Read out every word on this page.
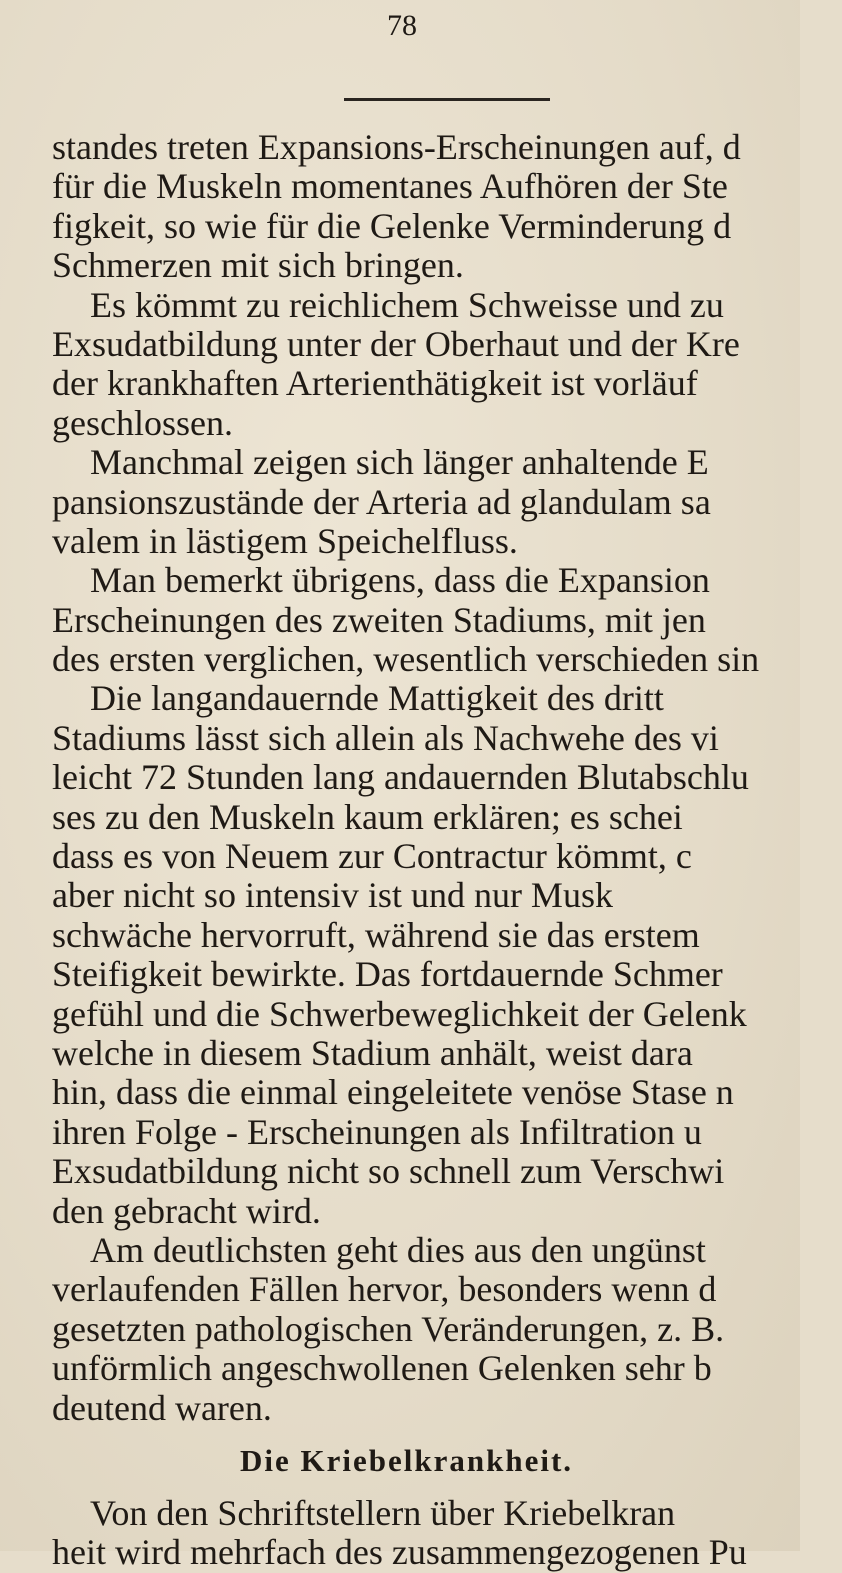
78
standes treten Expansions-Erscheinungen auf, d
für die Muskeln momentanes Aufhören der Ste
figkeit, so wie für die Gelenke Verminderung d
Schmerzen mit sich bringen.
Es kömmt zu reichlichem Schweisse und zu
Exsudatbildung unter der Oberhaut und der Kre
der krankhaften Arterienthätigkeit ist vorläuf
geschlossen.
Manchmal zeigen sich länger anhaltende E
pansionszustände der Arteria ad glandulam sa
valem in lästigem Speichelfluss.
Man bemerkt übrigens, dass die Expansion
Erscheinungen des zweiten Stadiums, mit jen
des ersten verglichen, wesentlich verschieden sin
Die langandauernde Mattigkeit des dritt
Stadiums lässt sich allein als Nachwehe des vi
leicht 72 Stunden lang andauernden Blutabschlu
ses zu den Muskeln kaum erklären; es schei
dass es von Neuem zur Contractur kömmt, c
aber nicht so intensiv ist und nur Musk
schwäche hervorruft, während sie das erstem
Steifigkeit bewirkte. Das fortdauernde Schmer
gefühl und die Schwerbeweglichkeit der Gelenk
welche in diesem Stadium anhält, weist dara
hin, dass die einmal eingeleitete venöse Stase n
ihren Folge - Erscheinungen als Infiltration u
Exsudatbildung nicht so schnell zum Verschwi
den gebracht wird.
Am deutlichsten geht dies aus den ungünst
verlaufenden Fällen hervor, besonders wenn d
gesetzten pathologischen Veränderungen, z. B.
unförmlich angeschwollenen Gelenken sehr b
deutend waren.
Die Kriebelkrankheit.
Von den Schriftstellern über Kriebelkran
heit wird mehrfach des zusammengezogenen Pu
